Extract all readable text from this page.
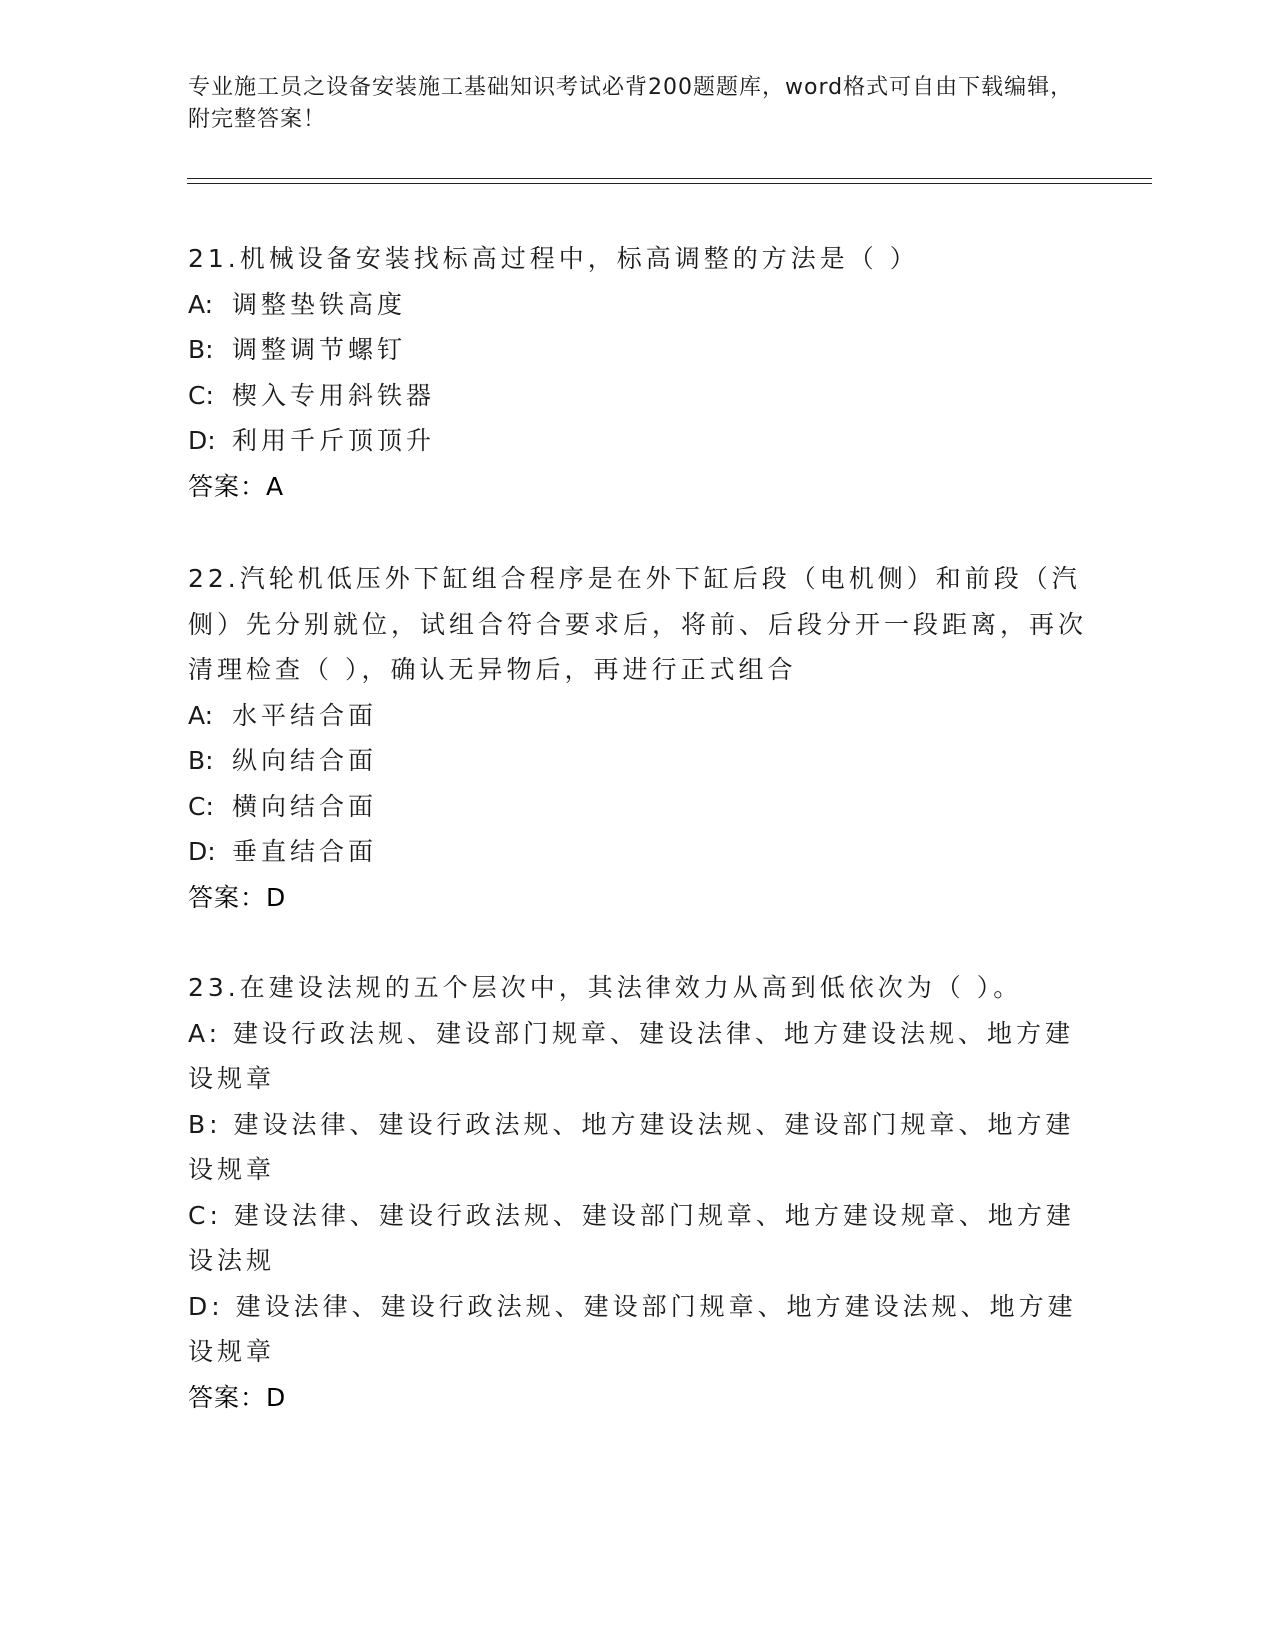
专业施工员之设备安装施工基础知识考试必背200题题库，word格式可自由下载编辑，附完整答案！

21.机械设备安装找标高过程中，标高调整的方法是（ ）

A: 调整垫铁高度

B: 调整调节螺钉

C: 楔入专用斜铁器

D: 利用千斤顶顶升

答案：A

22.汽轮机低压外下缸组合程序是在外下缸后段（电机侧）和前段（汽侧）先分别就位，试组合符合要求后，将前、后段分开一段距离，再次清理检查（ ），确认无异物后，再进行正式组合

A: 水平结合面

B: 纵向结合面

C: 横向结合面

D: 垂直结合面

答案：D

23.在建设法规的五个层次中，其法律效力从高到低依次为（ ）。

A: 建设行政法规、建设部门规章、建设法律、地方建设法规、地方建设规章

B: 建设法律、建设行政法规、地方建设法规、建设部门规章、地方建设规章

C: 建设法律、建设行政法规、建设部门规章、地方建设规章、地方建设法规

D: 建设法律、建设行政法规、建设部门规章、地方建设法规、地方建设规章

答案：D
